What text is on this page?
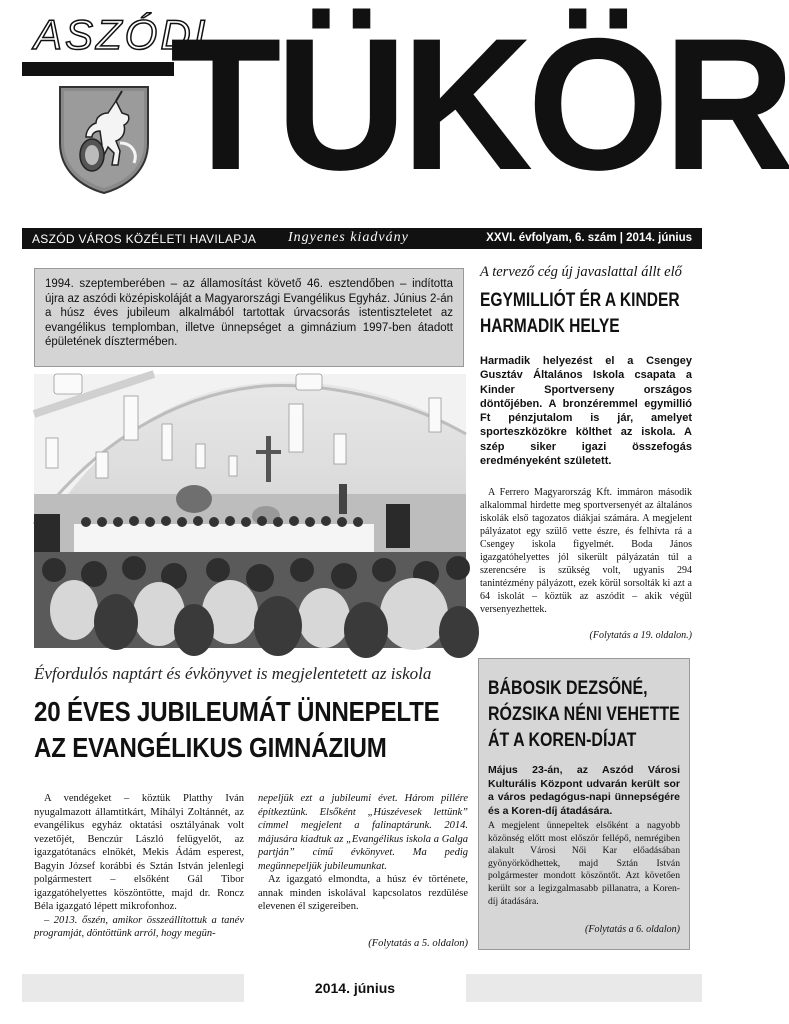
ASZÓDI
TÜKÖR
ASZÓD VÁROS KÖZÉLETI HAVILAPJA Ingyenes kiadvány	XXVI. évfolyam, 6. szám | 2014. június
1994. szeptemberében – az államosítást követő 46. esztendőben – indította újra az aszódi középiskoláját a Magyarországi Evangélikus Egyház. Június 2-án a húsz éves jubileum alkalmából tartottak úrvacsorás istentiszteletet az evangélikus templomban, illetve ünnepséget a gimnázium 1997-ben átadott épületének dísztermében.
Évfordulós naptárt és évkönyvet is megjelentetett az iskola
20 ÉVES JUBILEUMÁT ÜNNEPELTE
AZ EVANGÉLIKUS GIMNÁZIUM

A vendégeket – köztük Platthy Iván nyugalmazott államtitkárt, Mihályi Zoltánnét, az evangélikus egyház oktatási osztályának volt vezetőjét, Benczúr László felügyelőt, az igazgatótanács elnökét, Mekis Ádám esperest, Bagyin József korábbi és Sztán István jelenlegi polgármestert – elsőként Gál Tibor igazgatóhelyettes köszöntötte, majd dr. Roncz Béla igazgató lépett mikrofonhoz.

– 2013. őszén, amikor összeállítottuk a tanév programját, döntöttünk arról, hogy megün-

nepeljük ezt a jubileumi évet. Három pillére építkeztünk. Elsőként „Húszévesek lettünk” címmel megjelent a falinaptárunk. 2014. májusára kiadtuk az „Evangélikus iskola a Galga partján” című évkönyvet. Ma pedig megünnepeljük jubileumunkat.

Az igazgató elmondta, a húsz év története, annak minden iskolával kapcsolatos rezdülése elevenen él szigereiben.

(Folytatás a 5. oldalon)
A tervező cég új javaslattal állt elő
EGYMILLIÓT ÉR A KINDER
HARMADIK HELYE
Harmadik helyezést el a Csengey Gusztáv Általános Iskola csapata a Kinder Sportverseny országos döntőjében. A bronzéremmel egymillió Ft pénzjutalom is jár, amelyet sporteszközökre költhet az iskola. A szép siker igazi összefogás eredményeként született.

A Ferrero Magyarország Kft. immáron második alkalommal hirdette meg sportversenyét az általános iskolák első tagozatos diákjai számára. A megjelent pályázatot egy szülő vette észre, és felhívta rá a Csengey iskola figyelmét. Boda János igazgatóhelyettes jól sikerült pályázatán túl a szerencsére is szükség volt, ugyanis 294 tanintézmény pályázott, ezek körül sorsolták ki azt a 64 iskolát – köztük az aszódit – akik végül versenyezhettek.

(Folytatás a 19. oldalon.)
BÁBOSIK DEZSŐNÉ,
RÓZSIKA NÉNI VEHETTE
ÁT A KOREN-DÍJAT
Május 23-án, az Aszód Városi Kulturális Központ udvarán került sor a város pedagógus-napi ünnepségére és a Koren-díj átadására.
A megjelent ünnepeltek elsőként a nagyobb közönség előtt most először fellépő, nemrégiben alakult Városi Női Kar előadásában gyönyörködhettek, majd Sztán István polgármester mondott köszöntőt. Azt követően került sor a legizgalmasabb pillanatra, a Koren-díj átadására.
(Folytatás a 6. oldalon)
2014. június
